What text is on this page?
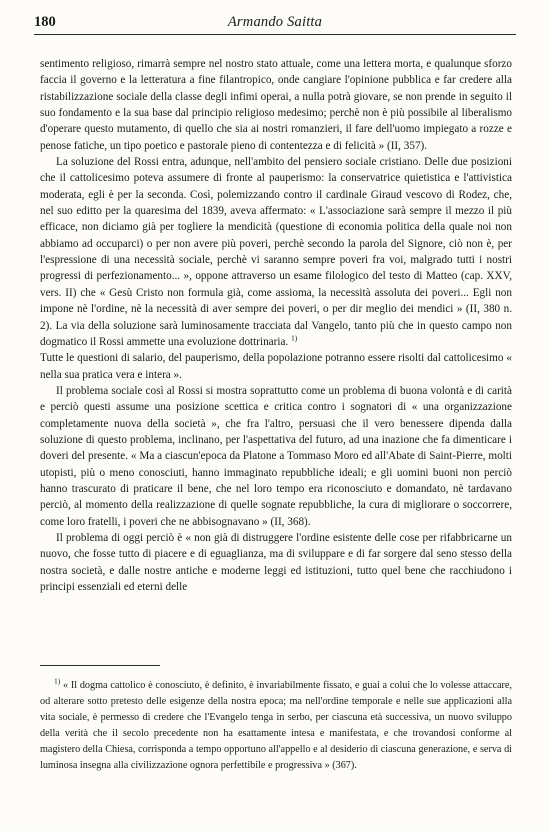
180	Armando Saitta

sentimento religioso, rimarrà sempre nel nostro stato attuale, come una lettera morta, e qualunque sforzo faccia il governo e la letteratura a fine filantropico, onde cangiare l'opinione pubblica e far credere alla ristabilizzazione sociale della classe degli infimi operai, a nulla potrà giovare, se non prende in seguito il suo fondamento e la sua base dal principio religioso medesimo; perchè non è più possibile al liberalismo d'operare questo mutamento, di quello che sia ai nostri romanzieri, il fare dell'uomo impiegato a rozze e penose fatiche, un tipo poetico e pastorale pieno di contentezza e di felicità » (II, 357).

La soluzione del Rossi entra, adunque, nell'ambito del pensiero sociale cristiano. Delle due posizioni che il cattolicesimo poteva assumere di fronte al pauperismo: la conservatrice quietistica e l'attivistica moderata, egli è per la seconda. Così, polemizzando contro il cardinale Giraud vescovo di Rodez, che, nel suo editto per la quaresima del 1839, aveva affermato: « L'associazione sarà sempre il mezzo il più efficace, non diciamo già per togliere la mendicità (questione di economia politica della quale noi non abbiamo ad occuparci) o per non avere più poveri, perchè secondo la parola del Signore, ciò non è, per l'espressione di una necessità sociale, perchè vi saranno sempre poveri fra voi, malgrado tutti i nostri progressi di perfezionamento... », oppone attraverso un esame filologico del testo di Matteo (cap. XXV, vers. II) che « Gesù Cristo non formula già, come assioma, la necessità assoluta dei poveri... Egli non impone nè l'ordine, nè la necessità di aver sempre dei poveri, o per dir meglio dei mendici » (II, 380 n. 2). La via della soluzione sarà luminosamente tracciata dal Vangelo, tanto più che in questo campo non dogmatico il Rossi ammette una evoluzione dottrinaria. $^{1)}$

Tutte le questioni di salario, del pauperismo, della popolazione potranno essere risolti dal cattolicesimo « nella sua pratica vera e intera ».

Il problema sociale così al Rossi si mostra soprattutto come un problema di buona volontà e di carità e perciò questi assume una posizione scettica e critica contro i sognatori di « una organizzazione completamente nuova della società », che fra l'altro, persuasi che il vero benessere dipenda dalla soluzione di questo problema, inclinano, per l'aspettativa del futuro, ad una inazione che fa dimenticare i doveri del presente. « Ma a ciascun'epoca da Platone a Tommaso Moro ed all'Abate di Saint-Pierre, molti utopisti, più o meno conosciuti, hanno immaginato repubbliche ideali; e gli uomini buoni non perciò hanno trascurato di praticare il bene, che nel loro tempo era riconosciuto e domandato, nè tardavano perciò, al momento della realizzazione di quelle sognate repubbliche, la cura di migliorare o soccorrere, come loro fratelli, i poveri che ne abbisognavano » (II, 368).

Il problema di oggi perciò è « non già di distruggere l'ordine esistente delle cose per rifabbricarne un nuovo, che fosse tutto di piacere e di eguaglianza, ma di sviluppare e di far sorgere dal seno stesso della nostra società, e dalle nostre antiche e moderne leggi ed istituzioni, tutto quel bene che racchiudono i principi essenziali ed eterni delle

$^{1)}$ « Il dogma cattolico è conosciuto, è definito, è invariabilmente fissato, e guai a colui che lo volesse attaccare, od alterare sotto pretesto delle esigenze della nostra epoca; ma nell'ordine temporale e nelle sue applicazioni alla vita sociale, è permesso di credere che l'Evangelo tenga in serbo, per ciascuna età successiva, un nuovo sviluppo della verità che il secolo precedente non ha esattamente intesa e manifestata, e che trovandosi conforme al magistero della Chiesa, corrisponda a tempo opportuno all'appello e al desiderio di ciascuna generazione, e serva di luminosa insegna alla civilizzazione ognora perfettibile e progressiva » (367).
